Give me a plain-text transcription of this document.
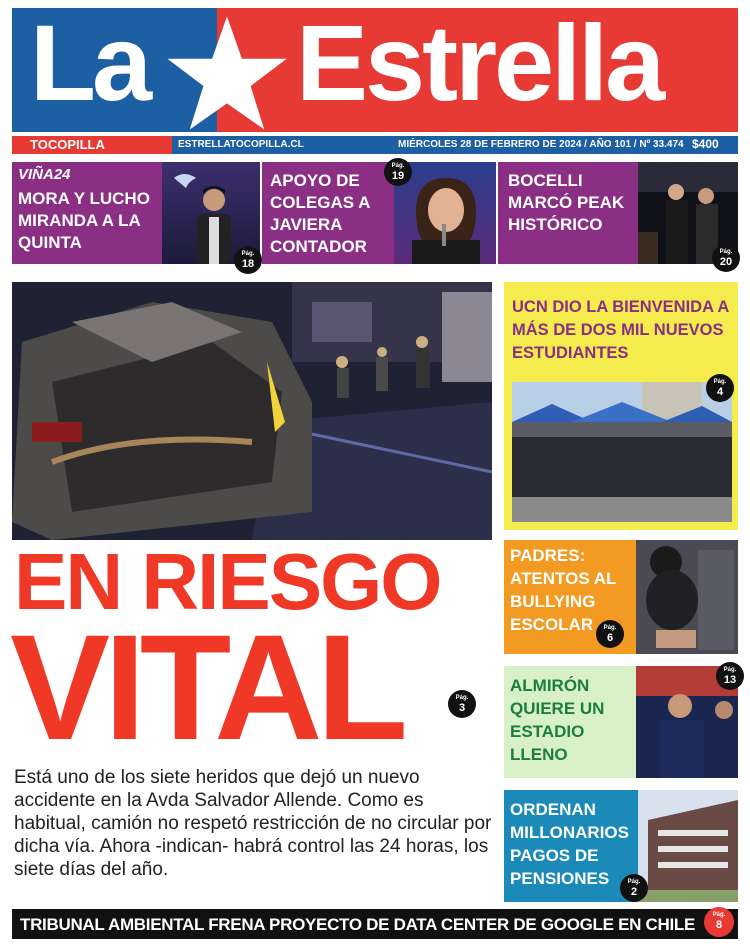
La Estrella
TOCOPILLA	ESTRELLATOCOPILLA.CL	MIÉRCOLES 28 DE FEBRERO DE 2024 / AÑO 101 / Nº 33.474 $400
VIÑA24
MORA Y LUCHO MIRANDA A LA QUINTA
Pág.
18
APOYO DE COLEGAS A JAVIERA CONTADOR
Pág.
19	BOCELLI MARCÓ PEAK HISTÓRICO
Pág.
20
EN RIESGO
VITAL	Pág.
3
Está uno de los siete heridos que dejó un nuevo accidente en la Avda Salvador Allende. Como es habitual, camión no respetó restricción de no circular por dicha vía. Ahora -indican- habrá control las 24 horas, los siete días del año.
UCN DIO LA BIENVENIDA A MÁS DE DOS MIL NUEVOS ESTUDIANTES
Pág.
4
PADRES: ATENTOS AL BULLYING ESCOLAR	Pág.
6
ALMIRÓN QUIERE UN ESTADIO LLENO
Pág.
13
ORDENAN MILLONARIOS PAGOS DE PENSIONES	Pág.
2
TRIBUNAL AMBIENTAL FRENA PROYECTO DE DATA CENTER DE GOOGLE EN CHILE	Pág.
8
